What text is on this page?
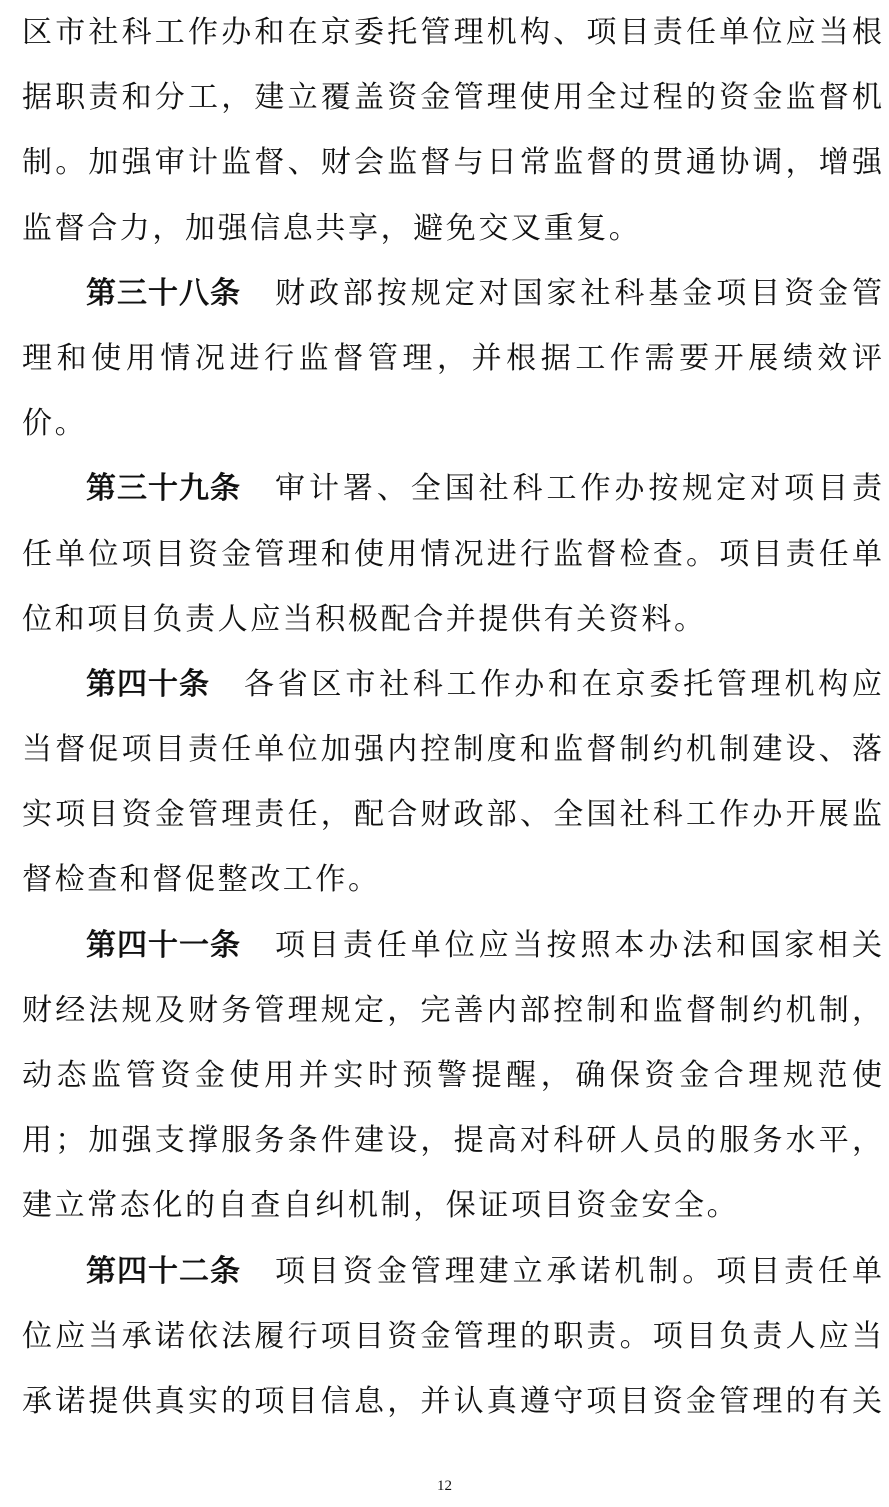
区市社科工作办和在京委托管理机构、项目责任单位应当根
据职责和分工，建立覆盖资金管理使用全过程的资金监督机
制。加强审计监督、财会监督与日常监督的贯通协调，增强
监督合力，加强信息共享，避免交叉重复。
第三十八条 财政部按规定对国家社科基金项目资金管
理和使用情况进行监督管理，并根据工作需要开展绩效评
价。
第三十九条 审计署、全国社科工作办按规定对项目责
任单位项目资金管理和使用情况进行监督检查。项目责任单
位和项目负责人应当积极配合并提供有关资料。
第四十条 各省区市社科工作办和在京委托管理机构应
当督促项目责任单位加强内控制度和监督制约机制建设、落
实项目资金管理责任，配合财政部、全国社科工作办开展监
督检查和督促整改工作。
第四十一条 项目责任单位应当按照本办法和国家相关
财经法规及财务管理规定，完善内部控制和监督制约机制，
动态监管资金使用并实时预警提醒，确保资金合理规范使
用；加强支撑服务条件建设，提高对科研人员的服务水平，
建立常态化的自查自纠机制，保证项目资金安全。
第四十二条 项目资金管理建立承诺机制。项目责任单
位应当承诺依法履行项目资金管理的职责。项目负责人应当
承诺提供真实的项目信息，并认真遵守项目资金管理的有关
12
